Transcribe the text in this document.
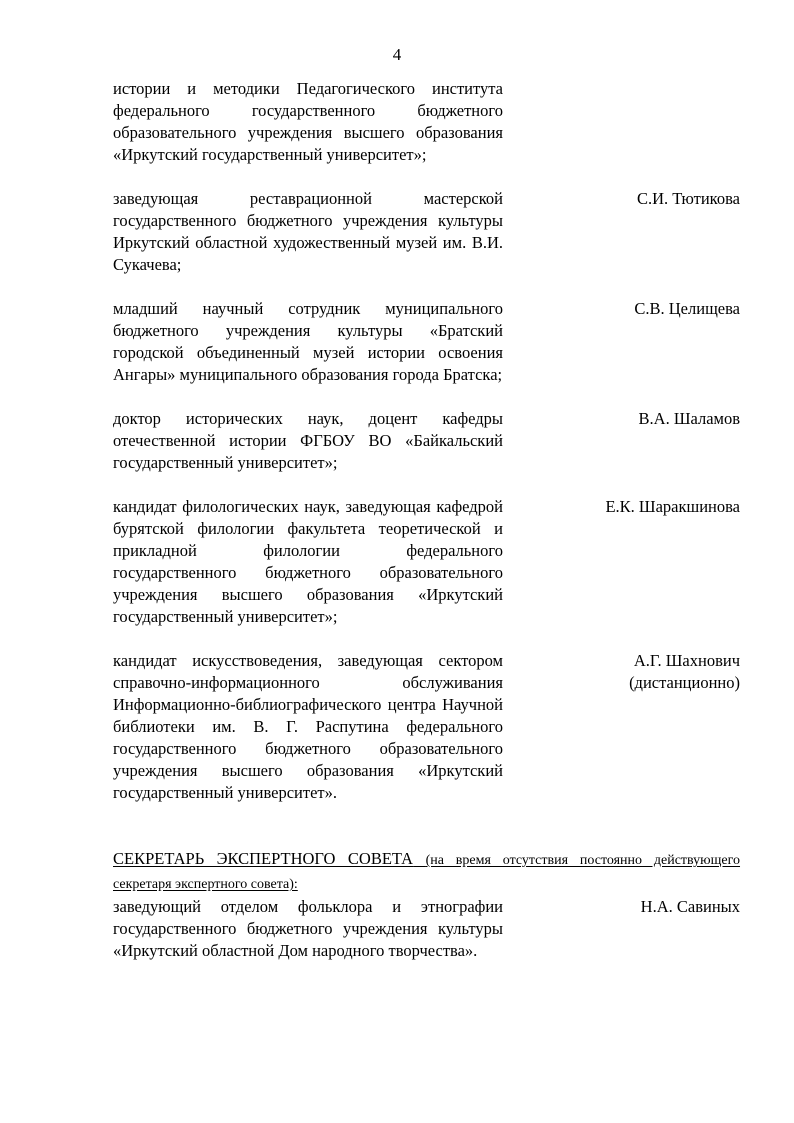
4
истории и методики Педагогического института федерального государственного бюджетного образовательного учреждения высшего образования «Иркутский государственный университет»;
заведующая реставрационной мастерской государственного бюджетного учреждения культуры Иркутский областной художественный музей им. В.И. Сукачева;
С.И. Тютикова
младший научный сотрудник муниципального бюджетного учреждения культуры «Братский городской объединенный музей истории освоения Ангары» муниципального образования города Братска;
С.В. Целищева
доктор исторических наук, доцент кафедры отечественной истории ФГБОУ ВО «Байкальский государственный университет»;
В.А. Шаламов
кандидат филологических наук, заведующая кафедрой бурятской филологии факультета теоретической и прикладной филологии федерального государственного бюджетного образовательного учреждения высшего образования «Иркутский государственный университет»;
Е.К. Шаракшинова
кандидат искусствоведения, заведующая сектором справочно-информационного обслуживания Информационно-библиографического центра Научной библиотеки им. В. Г. Распутина федерального государственного бюджетного образовательного учреждения высшего образования «Иркутский государственный университет».
А.Г. Шахнович
(дистанционно)
СЕКРЕТАРЬ ЭКСПЕРТНОГО СОВЕТА (на время отсутствия постоянно действующего секретаря экспертного совета):
заведующий отделом фольклора и этнографии государственного бюджетного учреждения культуры «Иркутский областной Дом народного творчества».
Н.А. Савиных
